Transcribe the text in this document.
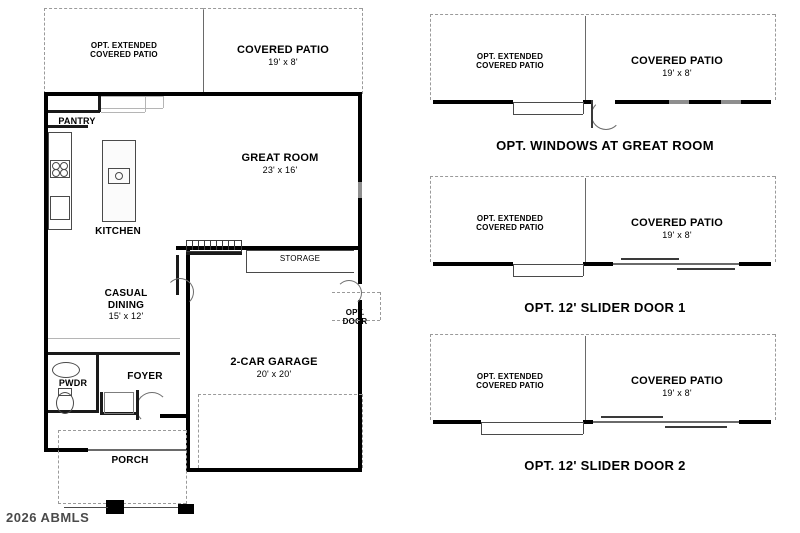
OPT. EXTENDED
COVERED PATIO	COVERED PATIO
19' x 8'
PANTRY
KITCHEN
GREAT ROOM
23' x 16'
STORAGE
CASUAL
DINING
15' x 12'	OPT.
DOOR
2-CAR GARAGE
20' x 20'
PWDR
FOYER
PORCH
OPT. EXTENDED
COVERED PATIO	COVERED PATIO
19' x 8'
OPT. WINDOWS AT GREAT ROOM
OPT. EXTENDED
COVERED PATIO	COVERED PATIO
19' x 8'
OPT. 12' SLIDER DOOR 1
OPT. EXTENDED
COVERED PATIO	COVERED PATIO
19' x 8'
OPT. 12' SLIDER DOOR 2
2026 ABMLS
